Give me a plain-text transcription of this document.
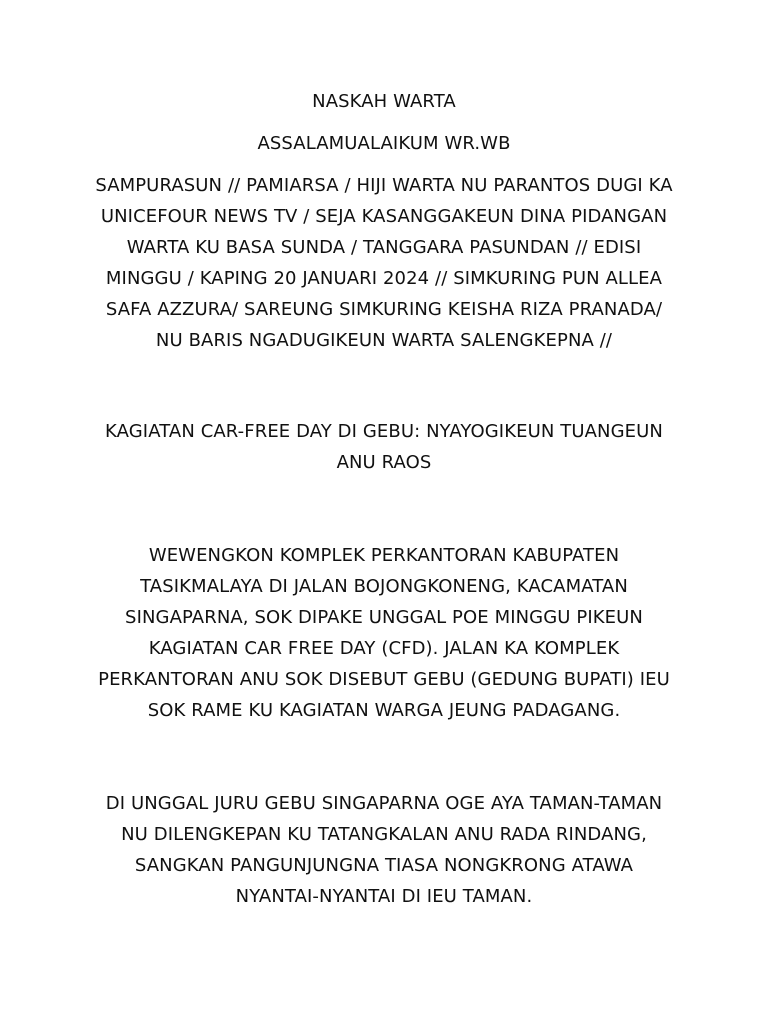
NASKAH WARTA

ASSALAMUALAIKUM WR.WB

SAMPURASUN // PAMIARSA / HIJI WARTA NU PARANTOS DUGI KA UNICEFOUR NEWS TV / SEJA KASANGGAKEUN DINA PIDANGAN WARTA KU BASA SUNDA / TANGGARA PASUNDAN // EDISI MINGGU / KAPING 20 JANUARI 2024 // SIMKURING PUN ALLEA SAFA AZZURA/ SAREUNG SIMKURING KEISHA RIZA PRANADA/ NU BARIS NGADUGIKEUN WARTA SALENGKEPNA //

KAGIATAN CAR-FREE DAY DI GEBU: NYAYOGIKEUN TUANGEUN ANU RAOS

WEWENGKON KOMPLEK PERKANTORAN KABUPATEN TASIKMALAYA DI JALAN BOJONGKONENG, KACAMATAN SINGAPARNA, SOK DIPAKE UNGGAL POE MINGGU PIKEUN KAGIATAN CAR FREE DAY (CFD). JALAN KA KOMPLEK PERKANTORAN ANU SOK DISEBUT GEBU (GEDUNG BUPATI) IEU SOK RAME KU KAGIATAN WARGA JEUNG PADAGANG.

DI UNGGAL JURU GEBU SINGAPARNA OGE AYA TAMAN-TAMAN NU DILENGKEPAN KU TATANGKALAN ANU RADA RINDANG, SANGKAN PANGUNJUNGNA TIASA NONGKRONG ATAWA NYANTAI-NYANTAI DI IEU TAMAN.
